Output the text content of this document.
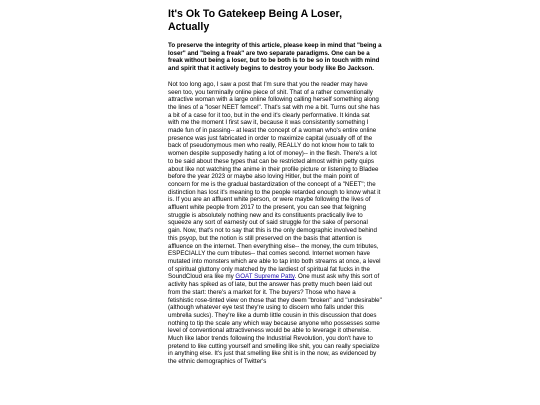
It's Ok To Gatekeep Being A Loser, Actually

To preserve the integrity of this article, please keep in mind that "being a loser" and "being a freak" are two separate paradigms. One can be a freak without being a loser, but to be both is to be so in touch with mind and spirit that it actively begins to destroy your body like Bo Jackson.

Not too long ago, I saw a post that I'm sure that you the reader may have seen too, you terminally online piece of shit. That of a rather conventionally attractive woman with a large online following calling herself something along the lines of a "loser NEET femcel". That's sat with me a bit. Turns out she has a bit of a case for it too, but in the end it's clearly performative. It kinda sat with me the moment I first saw it, because it was consistently something I made fun of in passing-- at least the concept of a woman who's entire online presence was just fabricated in order to maximize capital (usually off of the back of pseudonymous men who really, REALLY do not know how to talk to women despite supposedly hating a lot of money)-- in the flesh. There's a lot to be said about these types that can be restricted almost within petty quips about like not watching the anime in their profile picture or listening to Bladee before the year 2023 or maybe also loving Hitler, but the main point of concern for me is the gradual bastardization of the concept of a "NEET"; the distinction has lost it's meaning to the people retarded enough to know what it is. If you are an affluent white person, or were maybe following the lives of affluent white people from 2017 to the present, you can see that feigning struggle is absolutely nothing new and its constituents practically live to squeeze any sort of earnesty out of said struggle for the sake of personal gain. Now, that's not to say that this is the only demographic involved behind this psyop, but the notion is still preserved on the basis that attention is affluence on the internet. Then everything else-- the money, the cum tributes, ESPECIALLY the cum tributes-- that comes second. Internet women have mutated into monsters which are able to tap into both streams at once, a level of spiritual gluttony only matched by the lardiest of spiritual fat fucks in the SoundCloud era like my GOAT Supreme Patty. One must ask why this sort of activity has spiked as of late, but the answer has pretty much been laid out from the start: there's a market for it. The buyers? Those who have a fetishistic rose-tinted view on those that they deem "broken" and "undesirable" (although whatever eye test they're using to discern who falls under this umbrella sucks). They're like a dumb little cousin in this discussion that does nothing to tip the scale any which way because anyone who possesses some level of conventional attractiveness would be able to leverage it otherwise. Much like labor trends following the Industrial Revolution, you don't have to pretend to like cutting yourself and smelling like shit, you can really specialize in anything else. It's just that smelling like shit is in the now, as evidenced by the ethnic demographics of Twitter's
